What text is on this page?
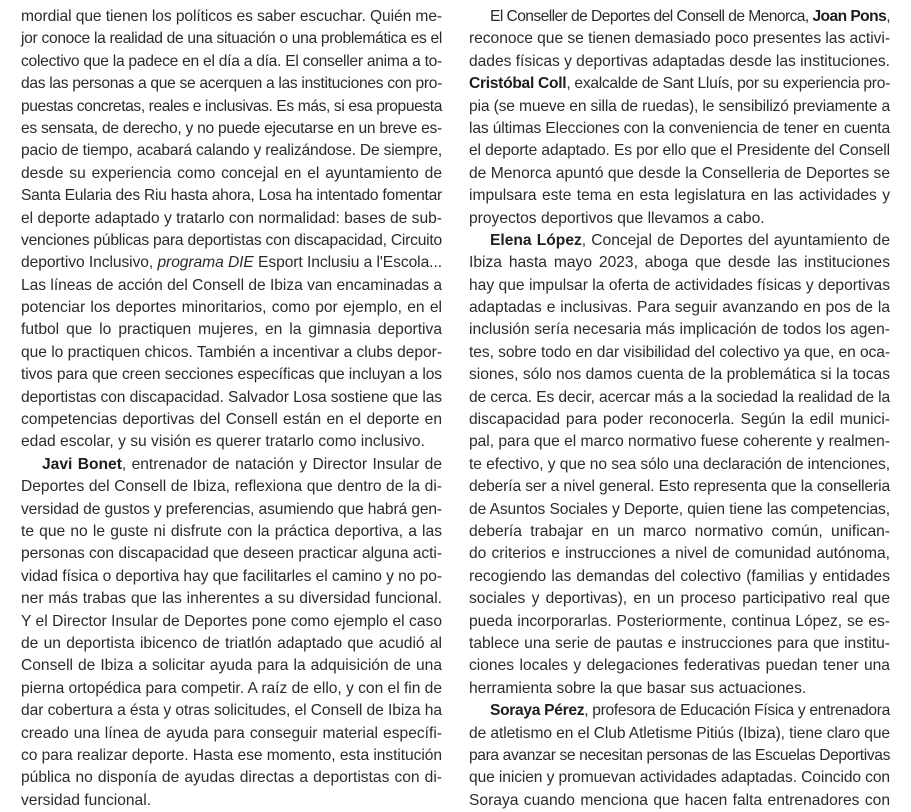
mordial que tienen los políticos es saber escuchar. Quién me-
jor conoce la realidad de una situación o una problemática es el
colectivo que la padece en el día a día. El conseller anima a to-
das las personas a que se acerquen a las instituciones con pro-
puestas concretas, reales e inclusivas. Es más, si esa propuesta
es sensata, de derecho, y no puede ejecutarse en un breve es-
pacio de tiempo, acabará calando y realizándose. De siempre,
desde su experiencia como concejal en el ayuntamiento de
Santa Eularia des Riu hasta ahora, Losa ha intentado fomentar
el deporte adaptado y tratarlo con normalidad: bases de sub-
venciones públicas para deportistas con discapacidad, Circuito
deportivo Inclusivo, programa DIE Esport Inclusiu a l'Escola...
Las líneas de acción del Consell de Ibiza van encaminadas a
potenciar los deportes minoritarios, como por ejemplo, en el
futbol que lo practiquen mujeres, en la gimnasia deportiva
que lo practiquen chicos. También a incentivar a clubs depor-
tivos para que creen secciones específicas que incluyan a los
deportistas con discapacidad. Salvador Losa sostiene que las
competencias deportivas del Consell están en el deporte en
edad escolar, y su visión es querer tratarlo como inclusivo.
Javi Bonet, entrenador de natación y Director Insular de
Deportes del Consell de Ibiza, reflexiona que dentro de la di-
versidad de gustos y preferencias, asumiendo que habrá gen-
te que no le guste ni disfrute con la práctica deportiva, a las
personas con discapacidad que deseen practicar alguna acti-
vidad física o deportiva hay que facilitarles el camino y no po-
ner más trabas que las inherentes a su diversidad funcional.
Y el Director Insular de Deportes pone como ejemplo el caso
de un deportista ibicenco de triatlón adaptado que acudió al
Consell de Ibiza a solicitar ayuda para la adquisición de una
pierna ortopédica para competir. A raíz de ello, y con el fin de
dar cobertura a ésta y otras solicitudes, el Consell de Ibiza ha
creado una línea de ayuda para conseguir material específi-
co para realizar deporte. Hasta ese momento, esta institución
pública no disponía de ayudas directas a deportistas con di-
versidad funcional.
El Conseller de Deportes del Consell de Menorca, Joan Pons,
reconoce que se tienen demasiado poco presentes las activi-
dades físicas y deportivas adaptadas desde las instituciones.
Cristóbal Coll, exalcalde de Sant Lluís, por su experiencia pro-
pia (se mueve en silla de ruedas), le sensibilizó previamente a
las últimas Elecciones con la conveniencia de tener en cuenta
el deporte adaptado. Es por ello que el Presidente del Consell
de Menorca apuntó que desde la Conselleria de Deportes se
impulsara este tema en esta legislatura en las actividades y
proyectos deportivos que llevamos a cabo.
Elena López, Concejal de Deportes del ayuntamiento de
Ibiza hasta mayo 2023, aboga que desde las instituciones
hay que impulsar la oferta de actividades físicas y deportivas
adaptadas e inclusivas. Para seguir avanzando en pos de la
inclusión sería necesaria más implicación de todos los agen-
tes, sobre todo en dar visibilidad del colectivo ya que, en oca-
siones, sólo nos damos cuenta de la problemática si la tocas
de cerca. Es decir, acercar más a la sociedad la realidad de la
discapacidad para poder reconocerla. Según la edil munici-
pal, para que el marco normativo fuese coherente y realmen-
te efectivo, y que no sea sólo una declaración de intenciones,
debería ser a nivel general. Esto representa que la conselleria
de Asuntos Sociales y Deporte, quien tiene las competencias,
debería trabajar en un marco normativo común, unifican-
do criterios e instrucciones a nivel de comunidad autónoma,
recogiendo las demandas del colectivo (familias y entidades
sociales y deportivas), en un proceso participativo real que
pueda incorporarlas. Posteriormente, continua López, se es-
tablece una serie de pautas e instrucciones para que institu-
ciones locales y delegaciones federativas puedan tener una
herramienta sobre la que basar sus actuaciones.
Soraya Pérez, profesora de Educación Física y entrenadora
de atletismo en el Club Atletisme Pitiús (Ibiza), tiene claro que
para avanzar se necesitan personas de las Escuelas Deportivas
que inicien y promuevan actividades adaptadas. Coincido con
Soraya cuando menciona que hacen falta entrenadores con
